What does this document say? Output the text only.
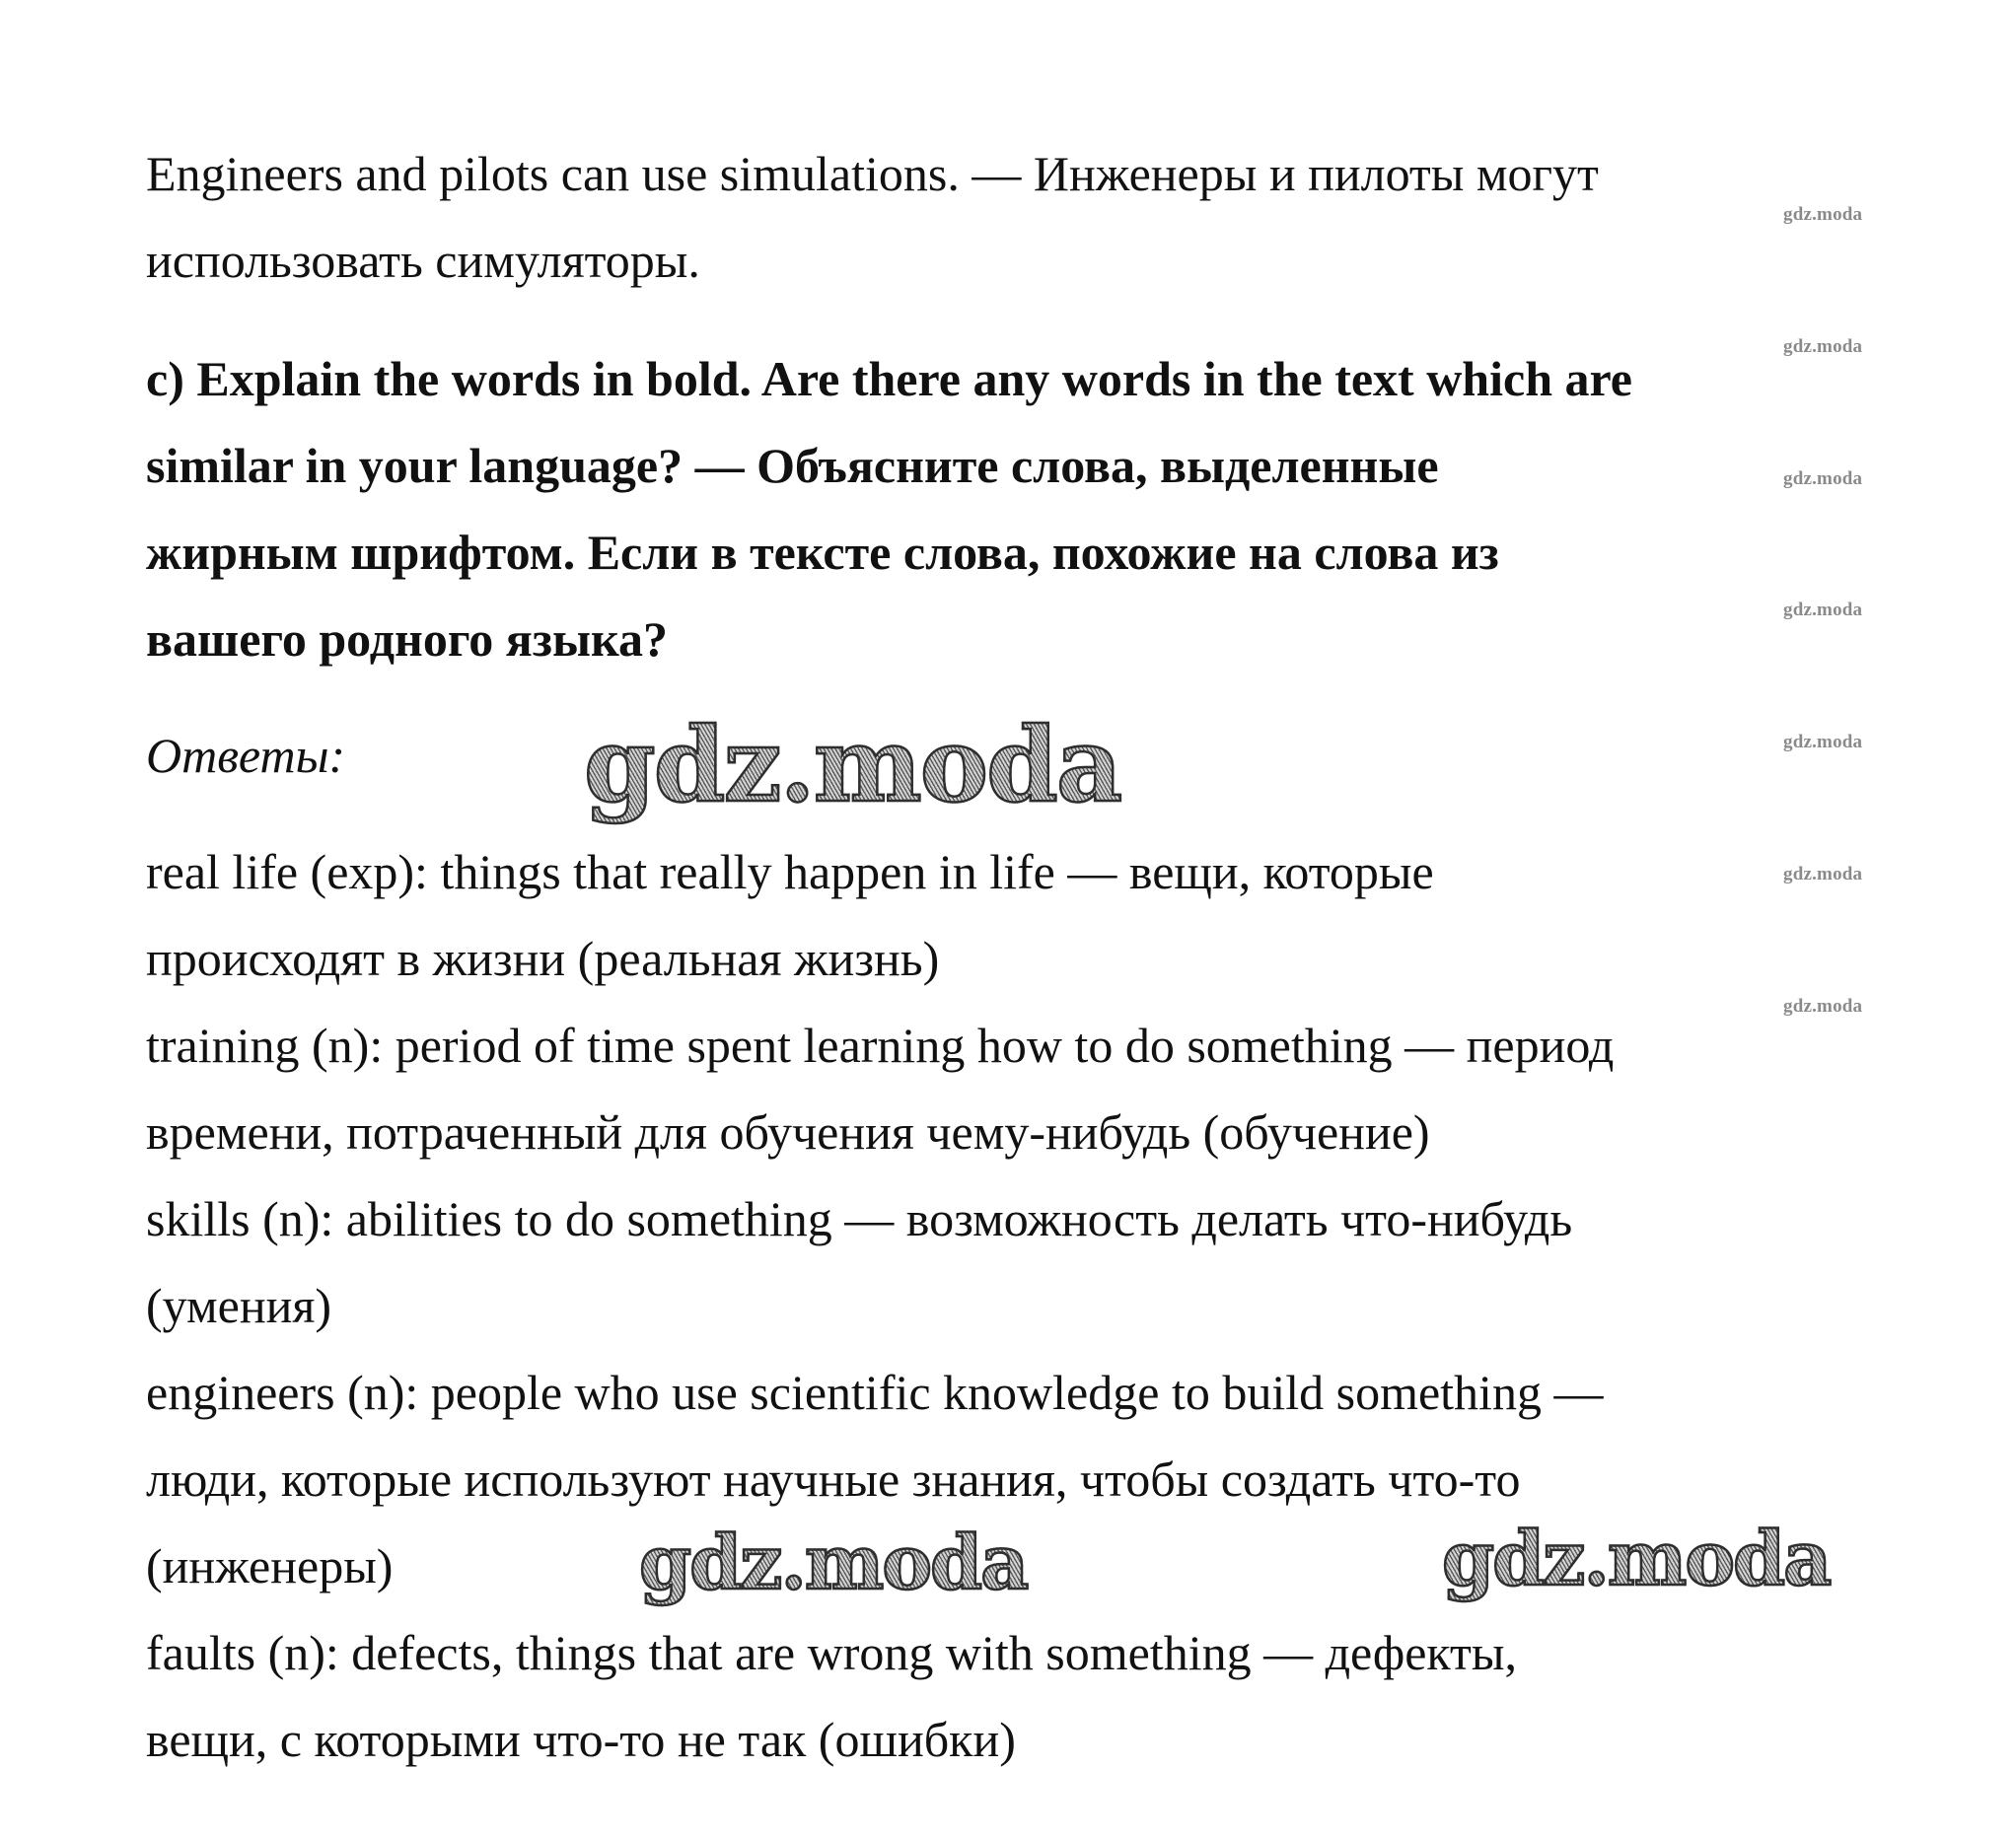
Engineers and pilots can use simulations. — Инженеры и пилоты могут
использовать симуляторы.
c) Explain the words in bold. Are there any words in the text which are
similar in your language? — Объясните слова, выделенные
жирным шрифтом. Если в тексте слова, похожие на слова из
вашего родного языка?
Ответы:
real life (exp): things that really happen in life — вещи, которые
происходят в жизни (реальная жизнь)
training (n): period of time spent learning how to do something — период
времени, потраченный для обучения чему-нибудь (обучение)
skills (n): abilities to do something — возможность делать что-нибудь
(умения)
engineers (n): people who use scientific knowledge to build something —
люди, которые используют научные знания, чтобы создать что-то
(инженеры)
faults (n): defects, things that are wrong with something — дефекты,
вещи, с которыми что-то не так (ошибки)
gdz.moda
gdz.moda
gdz.moda
gdz.moda
gdz.moda
gdz.moda
gdz.moda
gdz.moda
gdz.moda	gdz.moda
